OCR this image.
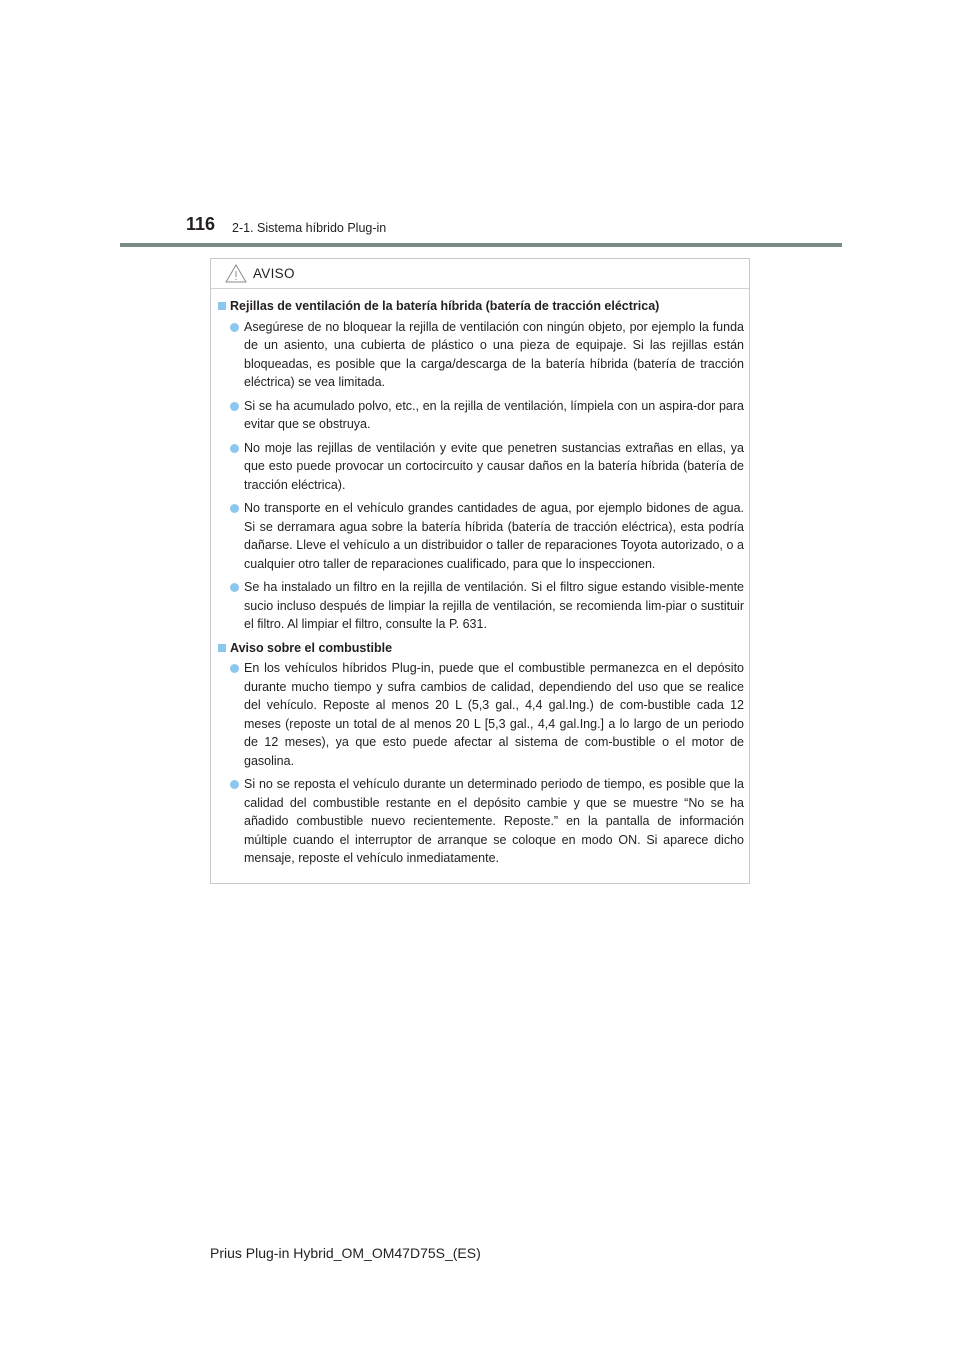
116 2-1. Sistema híbrido Plug-in
AVISO
Rejillas de ventilación de la batería híbrida (batería de tracción eléctrica)
Asegúrese de no bloquear la rejilla de ventilación con ningún objeto, por ejemplo la funda de un asiento, una cubierta de plástico o una pieza de equipaje. Si las rejillas están bloqueadas, es posible que la carga/descarga de la batería híbrida (batería de tracción eléctrica) se vea limitada.
Si se ha acumulado polvo, etc., en la rejilla de ventilación, límpiela con un aspira-dor para evitar que se obstruya.
No moje las rejillas de ventilación y evite que penetren sustancias extrañas en ellas, ya que esto puede provocar un cortocircuito y causar daños en la batería híbrida (batería de tracción eléctrica).
No transporte en el vehículo grandes cantidades de agua, por ejemplo bidones de agua. Si se derramara agua sobre la batería híbrida (batería de tracción eléctrica), esta podría dañarse. Lleve el vehículo a un distribuidor o taller de reparaciones Toyota autorizado, o a cualquier otro taller de reparaciones cualificado, para que lo inspeccionen.
Se ha instalado un filtro en la rejilla de ventilación. Si el filtro sigue estando visible-mente sucio incluso después de limpiar la rejilla de ventilación, se recomienda lim-piar o sustituir el filtro. Al limpiar el filtro, consulte la P. 631.
Aviso sobre el combustible
En los vehículos híbridos Plug-in, puede que el combustible permanezca en el depósito durante mucho tiempo y sufra cambios de calidad, dependiendo del uso que se realice del vehículo. Reposte al menos 20 L (5,3 gal., 4,4 gal.Ing.) de com-bustible cada 12 meses (reposte un total de al menos 20 L [5,3 gal., 4,4 gal.Ing.] a lo largo de un periodo de 12 meses), ya que esto puede afectar al sistema de com-bustible o el motor de gasolina.
Si no se reposta el vehículo durante un determinado periodo de tiempo, es posible que la calidad del combustible restante en el depósito cambie y que se muestre “No se ha añadido combustible nuevo recientemente. Reposte.” en la pantalla de información múltiple cuando el interruptor de arranque se coloque en modo ON. Si aparece dicho mensaje, reposte el vehículo inmediatamente.
Prius Plug-in Hybrid_OM_OM47D75S_(ES)
